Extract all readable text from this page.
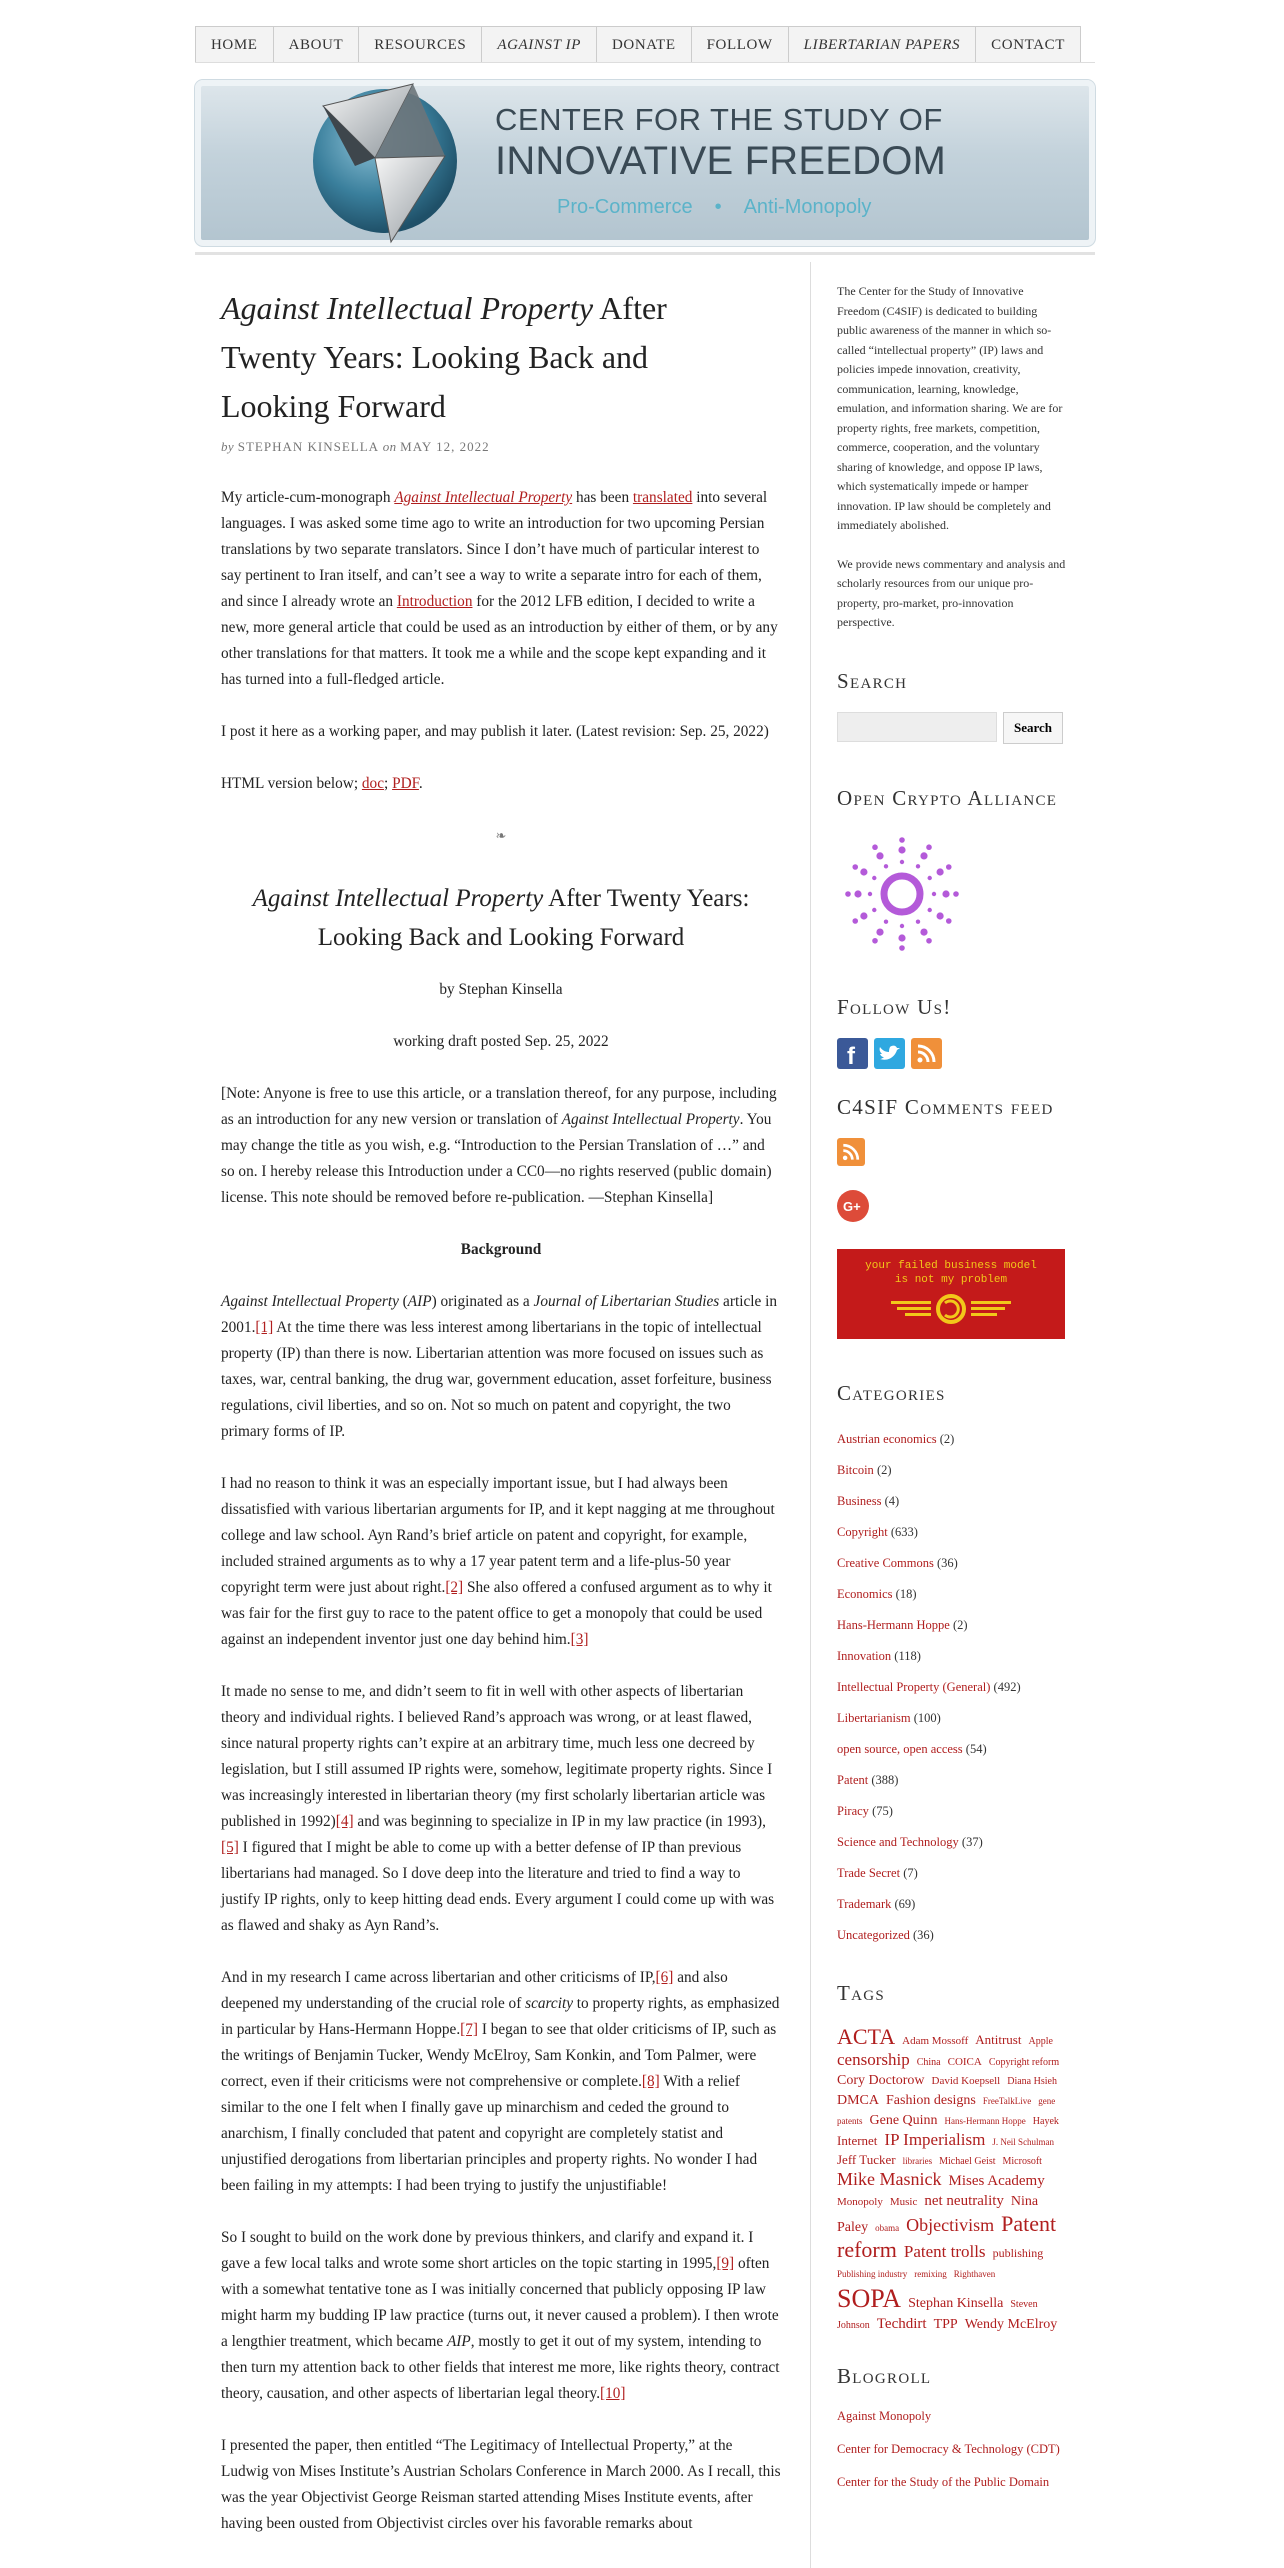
HOME	ABOUT	RESOURCES	AGAINST IP	DONATE	FOLLOW	LIBERTARIAN PAPERS	CONTACT
CENTER FOR THE STUDY OF
INNOVATIVE FREEDOM
Pro-Commerce • Anti-Monopoly
Against Intellectual Property After Twenty Years: Looking Back and Looking Forward
by STEPHAN KINSELLA on MAY 12, 2022

My article-cum-monograph Against Intellectual Property has been translated into several languages. I was asked some time ago to write an introduction for two upcoming Persian translations by two separate translators. Since I don’t have much of particular interest to say pertinent to Iran itself, and can’t see a way to write a separate intro for each of them, and since I already wrote an Introduction for the 2012 LFB edition, I decided to write a new, more general article that could be used as an introduction by either of them, or by any other translations for that matters. It took me a while and the scope kept expanding and it has turned into a full-fledged article.

I post it here as a working paper, and may publish it later. (Latest revision: Sep. 25, 2022)

HTML version below; doc; PDF.

❧
Against Intellectual Property After Twenty Years: Looking Back and Looking Forward

by Stephan Kinsella

working draft posted Sep. 25, 2022

[Note: Anyone is free to use this article, or a translation thereof, for any purpose, including as an introduction for any new version or translation of Against Intellectual Property. You may change the title as you wish, e.g. “Introduction to the Persian Translation of …” and so on. I hereby release this Introduction under a CC0—no rights reserved (public domain) license. This note should be removed before re-publication. —Stephan Kinsella]

Background

Against Intellectual Property (AIP) originated as a Journal of Libertarian Studies article in 2001.[1] At the time there was less interest among libertarians in the topic of intellectual property (IP) than there is now. Libertarian attention was more focused on issues such as taxes, war, central banking, the drug war, government education, asset forfeiture, business regulations, civil liberties, and so on. Not so much on patent and copyright, the two primary forms of IP.

I had no reason to think it was an especially important issue, but I had always been dissatisfied with various libertarian arguments for IP, and it kept nagging at me throughout college and law school. Ayn Rand’s brief article on patent and copyright, for example, included strained arguments as to why a 17 year patent term and a life-plus-50 year copyright term were just about right.[2] She also offered a confused argument as to why it was fair for the first guy to race to the patent office to get a monopoly that could be used against an independent inventor just one day behind him.[3]

It made no sense to me, and didn’t seem to fit in well with other aspects of libertarian theory and individual rights. I believed Rand’s approach was wrong, or at least flawed, since natural property rights can’t expire at an arbitrary time, much less one decreed by legislation, but I still assumed IP rights were, somehow, legitimate property rights. Since I was increasingly interested in libertarian theory (my first scholarly libertarian article was published in 1992)[4] and was beginning to specialize in IP in my law practice (in 1993),[5] I figured that I might be able to come up with a better defense of IP than previous libertarians had managed. So I dove deep into the literature and tried to find a way to justify IP rights, only to keep hitting dead ends. Every argument I could come up with was as flawed and shaky as Ayn Rand’s.

And in my research I came across libertarian and other criticisms of IP,[6] and also deepened my understanding of the crucial role of scarcity to property rights, as emphasized in particular by Hans-Hermann Hoppe.[7] I began to see that older criticisms of IP, such as the writings of Benjamin Tucker, Wendy McElroy, Sam Konkin, and Tom Palmer, were correct, even if their criticisms were not comprehensive or complete.[8] With a relief similar to the one I felt when I finally gave up minarchism and ceded the ground to anarchism, I finally concluded that patent and copyright are completely statist and unjustified derogations from libertarian principles and property rights. No wonder I had been failing in my attempts: I had been trying to justify the unjustifiable!

So I sought to build on the work done by previous thinkers, and clarify and expand it. I gave a few local talks and wrote some short articles on the topic starting in 1995,[9] often with a somewhat tentative tone as I was initially concerned that publicly opposing IP law might harm my budding IP law practice (turns out, it never caused a problem). I then wrote a lengthier treatment, which became AIP, mostly to get it out of my system, intending to then turn my attention back to other fields that interest me more, like rights theory, contract theory, causation, and other aspects of libertarian legal theory.[10]

I presented the paper, then entitled “The Legitimacy of Intellectual Property,” at the Ludwig von Mises Institute’s Austrian Scholars Conference in March 2000. As I recall, this was the year Objectivist George Reisman started attending Mises Institute events, after having been ousted from Objectivist circles over his favorable remarks about

The Center for the Study of Innovative Freedom (C4SIF) is dedicated to building public awareness of the manner in which so-called “intellectual property” (IP) laws and policies impede innovation, creativity, communication, learning, knowledge, emulation, and information sharing. We are for property rights, free markets, competition, commerce, cooperation, and the voluntary sharing of knowledge, and oppose IP laws, which systematically impede or hamper innovation. IP law should be completely and immediately abolished.

We provide news commentary and analysis and scholarly resources from our unique pro-property, pro-market, pro-innovation perspective.

Search
Search
Open Crypto Alliance
Follow Us!
f
C4SIF Comments feed
G+
your failed business model is not my problem
Categories
Austrian economics (2)
Bitcoin (2)
Business (4)
Copyright (633)
Creative Commons (36)
Economics (18)
Hans-Hermann Hoppe (2)
Innovation (118)
Intellectual Property (General) (492)
Libertarianism (100)
open source, open access (54)
Patent (388)
Piracy (75)
Science and Technology (37)
Trade Secret (7)
Trademark (69)
Uncategorized (36)
Tags
ACTA Adam Mossoff Antitrust Apple censorship China COICA Copyright reform Cory Doctorow David Koepsell Diana Hsieh DMCA Fashion designs FreeTalkLive gene patents Gene Quinn Hans-Hermann Hoppe Hayek Internet IP Imperialism J. Neil Schulman Jeff Tucker libraries Michael Geist Microsoft Mike Masnick Mises Academy Monopoly Music net neutrality Nina Paley obama Objectivism Patent reform Patent trolls publishing Publishing industry remixing Righthaven SOPA Stephan Kinsella Steven Johnson Techdirt TPP Wendy McElroy
Blogroll
Against Monopoly
Center for Democracy & Technology (CDT)
Center for the Study of the Public Domain
